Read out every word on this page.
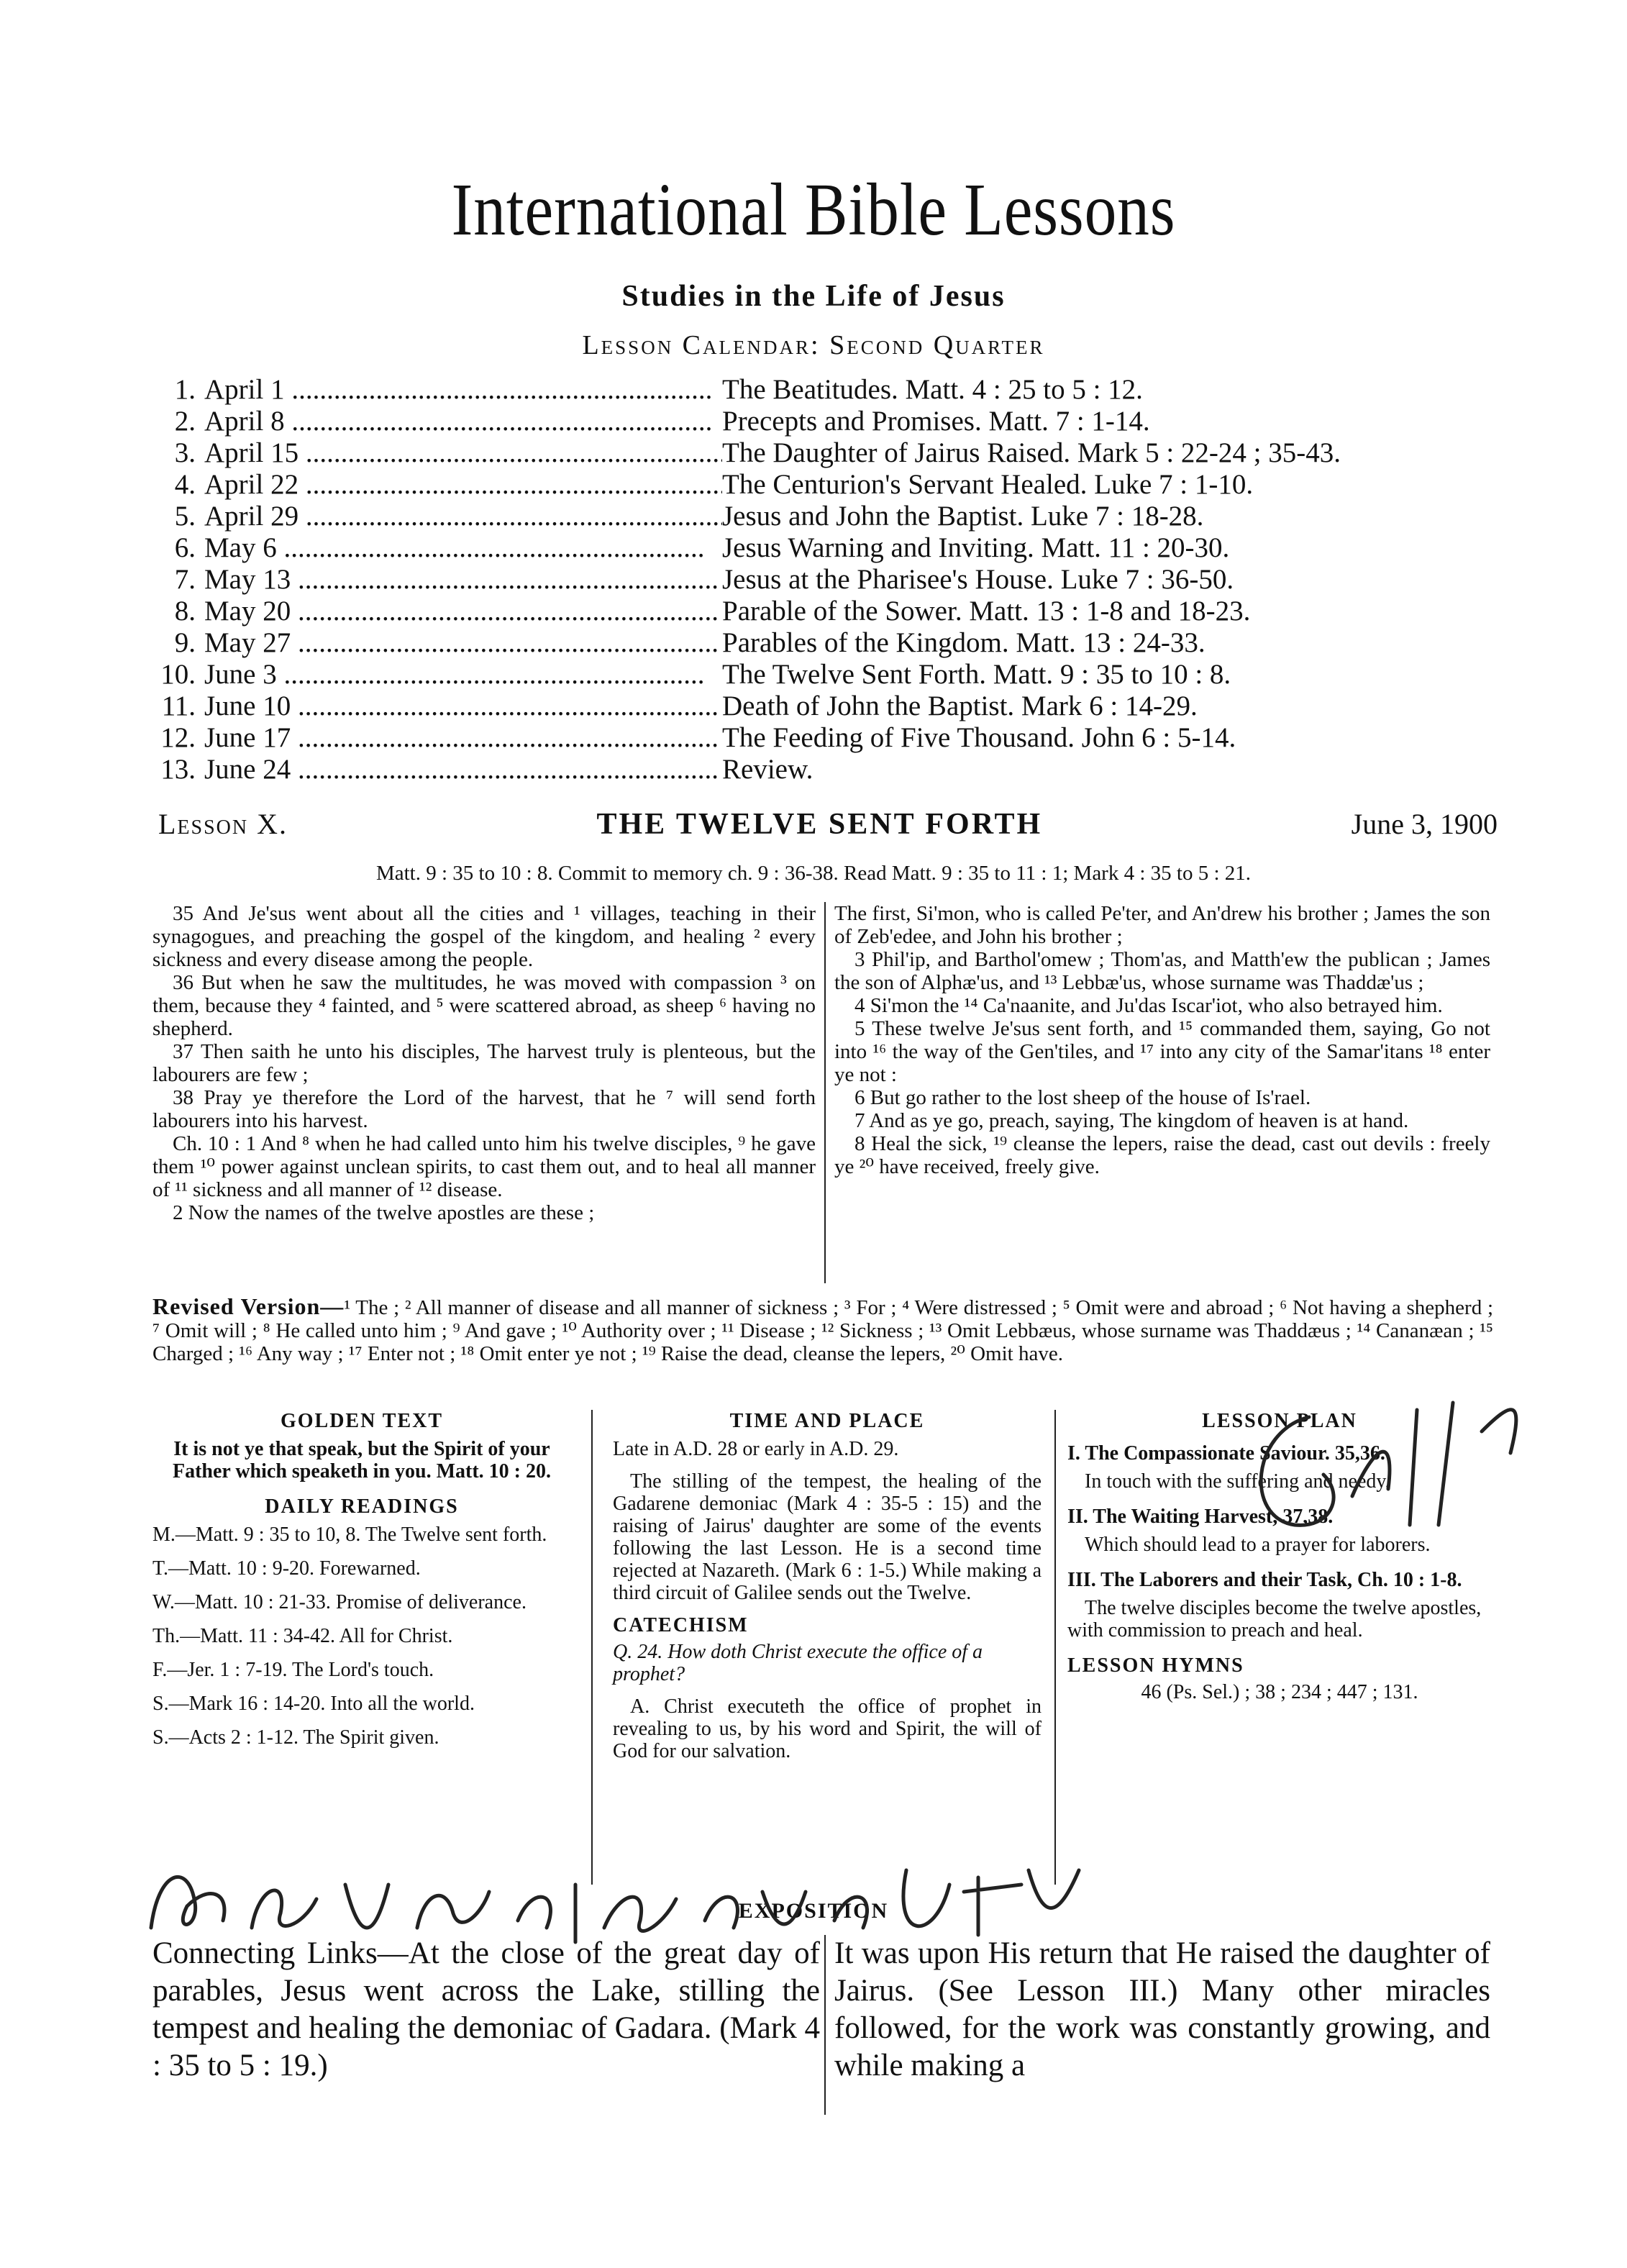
International Bible Lessons
Studies in the Life of Jesus
Lesson Calendar: Second Quarter
1. April 1 .....	The Beatitudes. Matt. 4 : 25 to 5 : 12.
2. April 8 .....	Precepts and Promises. Matt. 7 : 1-14.
3. April 15 .....	The Daughter of Jairus Raised. Mark 5 : 22-24 ; 35-43.
4. April 22 .....	The Centurion's Servant Healed. Luke 7 : 1-10.
5. April 29 .....	Jesus and John the Baptist. Luke 7 : 18-28.
6. May 6 .....	Jesus Warning and Inviting. Matt. 11 : 20-30.
7. May 13 .....	Jesus at the Pharisee's House. Luke 7 : 36-50.
8. May 20 .....	Parable of the Sower. Matt. 13 : 1-8 and 18-23.
9. May 27 .....	Parables of the Kingdom. Matt. 13 : 24-33.
10. June 3 .....	The Twelve Sent Forth. Matt. 9 : 35 to 10 : 8.
11. June 10 .....	Death of John the Baptist. Mark 6 : 14-29.
12. June 17 .....	The Feeding of Five Thousand. John 6 : 5-14.
13. June 24 .....	Review.
Lesson X.	THE TWELVE SENT FORTH	June 3, 1900
Matt. 9 : 35 to 10 : 8. Commit to memory ch. 9 : 36-38. Read Matt. 9 : 35 to 11 : 1; Mark 4 : 35 to 5 : 21.

35 And Je'sus went about all the cities and ¹ villages, teaching in their synagogues, and preaching the gospel of the kingdom, and healing ² every sickness and every disease among the people.

36 But when he saw the multitudes, he was moved with compassion ³ on them, because they ⁴ fainted, and ⁵ were scattered abroad, as sheep ⁶ having no shepherd.

37 Then saith he unto his disciples, The harvest truly is plenteous, but the labourers are few ;

38 Pray ye therefore the Lord of the harvest, that he ⁷ will send forth labourers into his harvest.

Ch. 10 : 1 And ⁸ when he had called unto him his twelve disciples, ⁹ he gave them ¹⁰ power against unclean spirits, to cast them out, and to heal all manner of ¹¹ sickness and all manner of ¹² disease.

2 Now the names of the twelve apostles are these ;

The first, Si'mon, who is called Pe'ter, and An'drew his brother ; James the son of Zeb'edee, and John his brother ;

3 Phil'ip, and Barthol'omew ; Thom'as, and Matth'ew the publican ; James the son of Alphæ'us, and ¹³ Lebbæ'us, whose surname was Thaddæ'us ;

4 Si'mon the ¹⁴ Ca'naanite, and Ju'das Iscar'iot, who also betrayed him.

5 These twelve Je'sus sent forth, and ¹⁵ commanded them, saying, Go not into ¹⁶ the way of the Gen'tiles, and ¹⁷ into any city of the Samar'itans ¹⁸ enter ye not :

6 But go rather to the lost sheep of the house of Is'rael.

7 And as ye go, preach, saying, The kingdom of heaven is at hand.

8 Heal the sick, ¹⁹ cleanse the lepers, raise the dead, cast out devils : freely ye ²⁰ have received, freely give.

Revised Version—¹ The ; ² All manner of disease and all manner of sickness ; ³ For ; ⁴ Were distressed ; ⁵ Omit were and abroad ; ⁶ Not having a shepherd ; ⁷ Omit will ; ⁸ He called unto him ; ⁹ And gave ; ¹⁰ Authority over ; ¹¹ Disease ; ¹² Sickness ; ¹³ Omit Lebbæus, whose surname was Thaddæus ; ¹⁴ Cananæan ; ¹⁵ Charged ; ¹⁶ Any way ; ¹⁷ Enter not ; ¹⁸ Omit enter ye not ; ¹⁹ Raise the dead, cleanse the lepers, ²⁰ Omit have.
GOLDEN TEXT
It is not ye that speak, but the Spirit of your Father which speaketh in you. Matt. 10 : 20.
DAILY READINGS

M.—Matt. 9 : 35 to 10, 8. The Twelve sent forth.

T.—Matt. 10 : 9-20. Forewarned.

W.—Matt. 10 : 21-33. Promise of deliverance.

Th.—Matt. 11 : 34-42. All for Christ.

F.—Jer. 1 : 7-19. The Lord's touch.

S.—Mark 16 : 14-20. Into all the world.

S.—Acts 2 : 1-12. The Spirit given.

TIME AND PLACE

Late in A.D. 28 or early in A.D. 29.

The stilling of the tempest, the healing of the Gadarene demoniac (Mark 4 : 35-5 : 15) and the raising of Jairus' daughter are some of the events following the last Lesson. He is a second time rejected at Nazareth. (Mark 6 : 1-5.) While making a third circuit of Galilee sends out the Twelve.

CATECHISM

Q. 24. How doth Christ execute the office of a prophet?

A. Christ executeth the office of prophet in revealing to us, by his word and Spirit, the will of God for our salvation.

LESSON PLAN
I. The Compassionate Saviour. 35,36.
In touch with the suffering and needy.
II. The Waiting Harvest, 37,38.
Which should lead to a prayer for laborers.
III. The Laborers and their Task, Ch. 10 : 1-8.
The twelve disciples become the twelve apostles, with commission to preach and heal.
LESSON HYMNS

46 (Ps. Sel.) ; 38 ; 234 ; 447 ; 131.

EXPOSITION
Connecting Links—At the close of the great day of parables, Jesus went across the Lake, stilling the tempest and healing the demoniac of Gadara. (Mark 4 : 35 to 5 : 19.)
It was upon His return that He raised the daughter of Jairus. (See Lesson III.) Many other miracles followed, for the work was constantly growing, and while making a
